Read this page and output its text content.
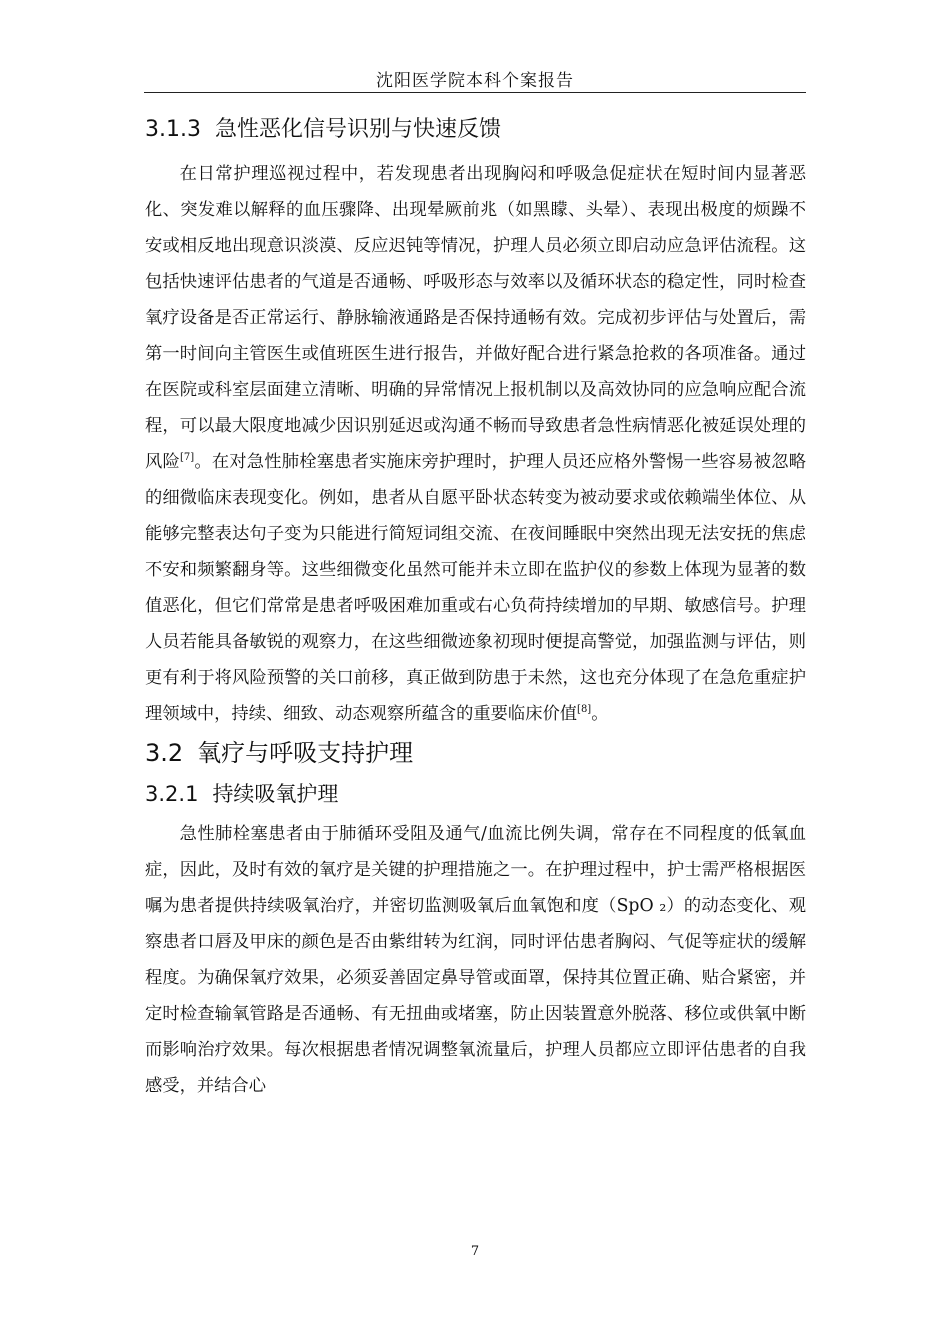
沈阳医学院本科个案报告
3.1.3 急性恶化信号识别与快速反馈

在日常护理巡视过程中，若发现患者出现胸闷和呼吸急促症状在短时间内显著恶化、突发难以解释的血压骤降、出现晕厥前兆（如黑矇、头晕）、表现出极度的烦躁不安或相反地出现意识淡漠、反应迟钝等情况，护理人员必须立即启动应急评估流程。这包括快速评估患者的气道是否通畅、呼吸形态与效率以及循环状态的稳定性，同时检查氧疗设备是否正常运行、静脉输液通路是否保持通畅有效。完成初步评估与处置后，需第一时间向主管医生或值班医生进行报告，并做好配合进行紧急抢救的各项准备。通过在医院或科室层面建立清晰、明确的异常情况上报机制以及高效协同的应急响应配合流程，可以最大限度地减少因识别延迟或沟通不畅而导致患者急性病情恶化被延误处理的风险[7]。在对急性肺栓塞患者实施床旁护理时，护理人员还应格外警惕一些容易被忽略的细微临床表现变化。例如，患者从自愿平卧状态转变为被动要求或依赖端坐体位、从能够完整表达句子变为只能进行简短词组交流、在夜间睡眠中突然出现无法安抚的焦虑不安和频繁翻身等。这些细微变化虽然可能并未立即在监护仪的参数上体现为显著的数值恶化，但它们常常是患者呼吸困难加重或右心负荷持续增加的早期、敏感信号。护理人员若能具备敏锐的观察力，在这些细微迹象初现时便提高警觉，加强监测与评估，则更有利于将风险预警的关口前移，真正做到防患于未然，这也充分体现了在急危重症护理领域中，持续、细致、动态观察所蕴含的重要临床价值[8]。

3.2 氧疗与呼吸支持护理
3.2.1 持续吸氧护理

急性肺栓塞患者由于肺循环受阻及通气/血流比例失调，常存在不同程度的低氧血症，因此，及时有效的氧疗是关键的护理措施之一。在护理过程中，护士需严格根据医嘱为患者提供持续吸氧治疗，并密切监测吸氧后血氧饱和度（SpO ₂）的动态变化、观察患者口唇及甲床的颜色是否由紫绀转为红润，同时评估患者胸闷、气促等症状的缓解程度。为确保氧疗效果，必须妥善固定鼻导管或面罩，保持其位置正确、贴合紧密，并定时检查输氧管路是否通畅、有无扭曲或堵塞，防止因装置意外脱落、移位或供氧中断而影响治疗效果。每次根据患者情况调整氧流量后，护理人员都应立即评估患者的自我感受，并结合心

7
